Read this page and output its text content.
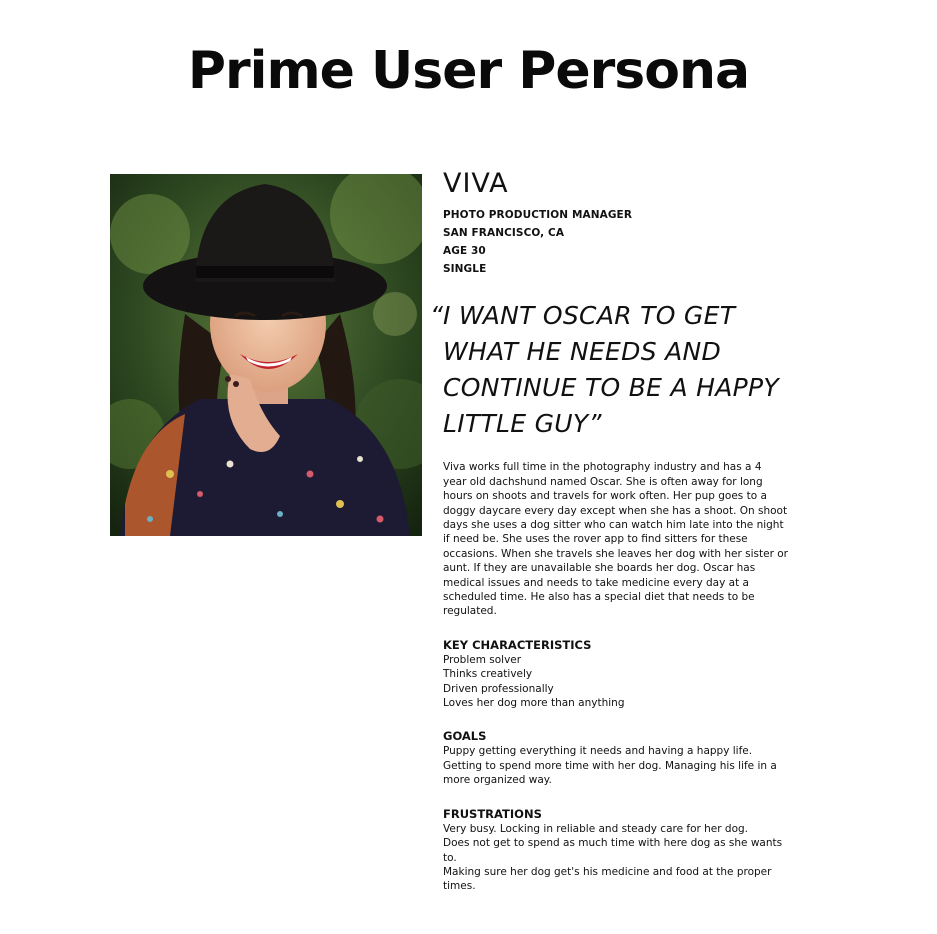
Prime User Persona
VIVA
PHOTO PRODUCTION MANAGER
SAN FRANCISCO, CA
AGE 30
SINGLE
“ I WANT OSCAR TO GET WHAT HE NEEDS AND CONTINUE TO BE A HAPPY LITTLE GUY”
Viva works full time in the photography industry and has a 4 year old dachshund named Oscar. She is often away for long hours on shoots and travels for work often. Her pup goes to a doggy daycare every day except when she has a shoot. On shoot days she uses a dog sitter who can watch him late into the night if need be. She uses the rover app to find sitters for these occasions. When she travels she leaves her dog with her sister or aunt. If they are unavailable she boards her dog. Oscar has medical issues and needs to take medicine every day at a scheduled time. He also has a special diet that needs to be regulated.
KEY CHARACTERISTICS
Problem solver
Thinks creatively
Driven professionally
Loves her dog more than anything
GOALS
Puppy getting everything it needs and having a happy life. Getting to spend more time with her dog. Managing his life in a more organized way.
FRUSTRATIONS
Very busy. Locking in reliable and steady care for her dog.
Does not get to spend as much time with here dog as she wants to.
Making sure her dog get's his medicine and food at the proper times.
